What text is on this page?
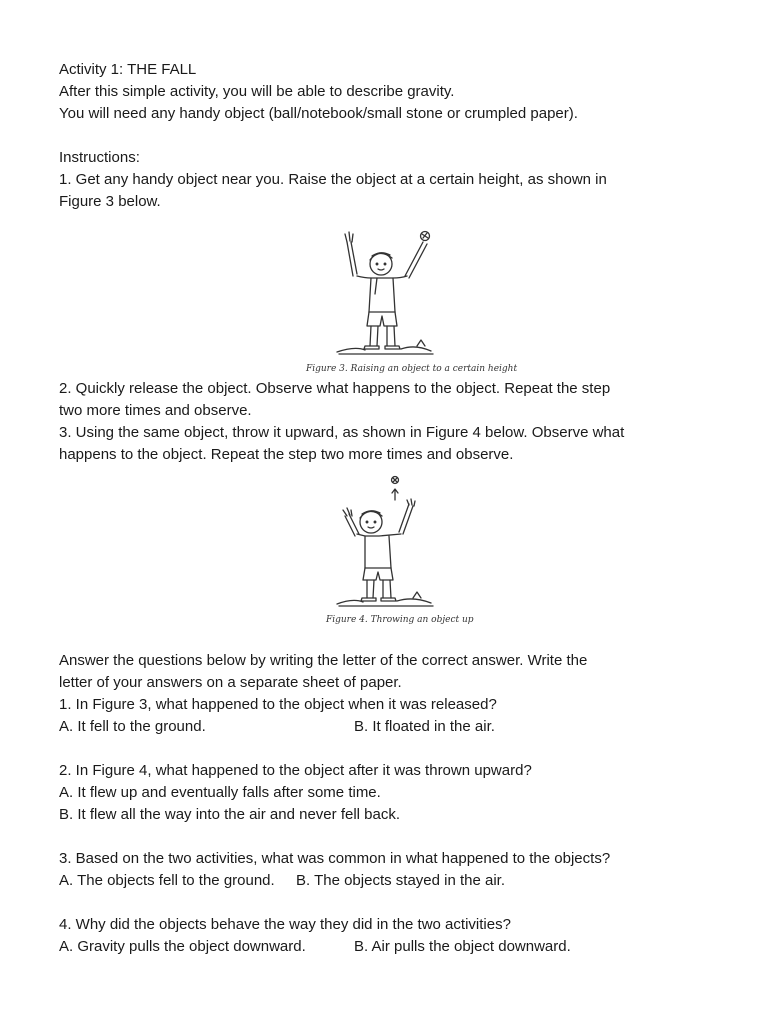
Activity 1: THE FALL
After this simple activity, you will be able to describe gravity.
You will need any handy object (ball/notebook/small stone or crumpled paper).
Instructions:
1. Get any handy object near you. Raise the object at a certain height, as shown in
Figure 3 below.
Figure 3. Raising an object to a certain height
2. Quickly release the object. Observe what happens to the object. Repeat the step
two more times and observe.
3. Using the same object, throw it upward, as shown in Figure 4 below. Observe what
happens to the object. Repeat the step two more times and observe.
Figure 4. Throwing an object up
Answer the questions below by writing the letter of the correct answer. Write the
letter of your answers on a separate sheet of paper.
1. In Figure 3, what happened to the object when it was released?
A. It fell to the ground.	B. It floated in the air.
2. In Figure 4, what happened to the object after it was thrown upward?
A. It flew up and eventually falls after some time.
B. It flew all the way into the air and never fell back.
3. Based on the two activities, what was common in what happened to the objects?
A. The objects fell to the ground. B. The objects stayed in the air.
4. Why did the objects behave the way they did in the two activities?
A. Gravity pulls the object downward.	B. Air pulls the object downward.
